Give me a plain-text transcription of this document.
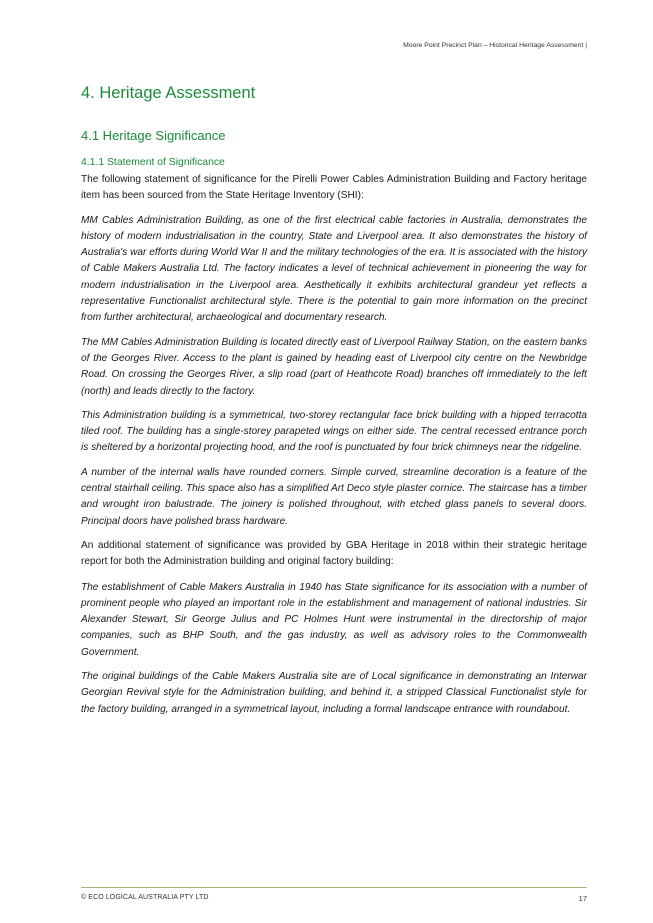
Moore Point Precinct Plan – Historical Heritage Assessment |
4. Heritage Assessment
4.1 Heritage Significance
4.1.1 Statement of Significance

The following statement of significance for the Pirelli Power Cables Administration Building and Factory heritage item has been sourced from the State Heritage Inventory (SHI):

MM Cables Administration Building, as one of the first electrical cable factories in Australia, demonstrates the history of modern industrialisation in the country, State and Liverpool area. It also demonstrates the history of Australia's war efforts during World War II and the military technologies of the era. It is associated with the history of Cable Makers Australia Ltd. The factory indicates a level of technical achievement in pioneering the way for modern industrialisation in the Liverpool area. Aesthetically it exhibits architectural grandeur yet reflects a representative Functionalist architectural style. There is the potential to gain more information on the precinct from further architectural, archaeological and documentary research.

The MM Cables Administration Building is located directly east of Liverpool Railway Station, on the eastern banks of the Georges River. Access to the plant is gained by heading east of Liverpool city centre on the Newbridge Road. On crossing the Georges River, a slip road (part of Heathcote Road) branches off immediately to the left (north) and leads directly to the factory.

This Administration building is a symmetrical, two-storey rectangular face brick building with a hipped terracotta tiled roof. The building has a single-storey parapeted wings on either side. The central recessed entrance porch is sheltered by a horizontal projecting hood, and the roof is punctuated by four brick chimneys near the ridgeline.

A number of the internal walls have rounded corners. Simple curved, streamline decoration is a feature of the central stairhall ceiling. This space also has a simplified Art Deco style plaster cornice. The staircase has a timber and wrought iron balustrade. The joinery is polished throughout, with etched glass panels to several doors. Principal doors have polished brass hardware.

An additional statement of significance was provided by GBA Heritage in 2018 within their strategic heritage report for both the Administration building and original factory building:

The establishment of Cable Makers Australia in 1940 has State significance for its association with a number of prominent people who played an important role in the establishment and management of national industries. Sir Alexander Stewart, Sir George Julius and PC Holmes Hunt were instrumental in the directorship of major companies, such as BHP South, and the gas industry, as well as advisory roles to the Commonwealth Government.

The original buildings of the Cable Makers Australia site are of Local significance in demonstrating an Interwar Georgian Revival style for the Administration building, and behind it, a stripped Classical Functionalist style for the factory building, arranged in a symmetrical layout, including a formal landscape entrance with roundabout.

© ECO LOGICAL AUSTRALIA PTY LTD	17
